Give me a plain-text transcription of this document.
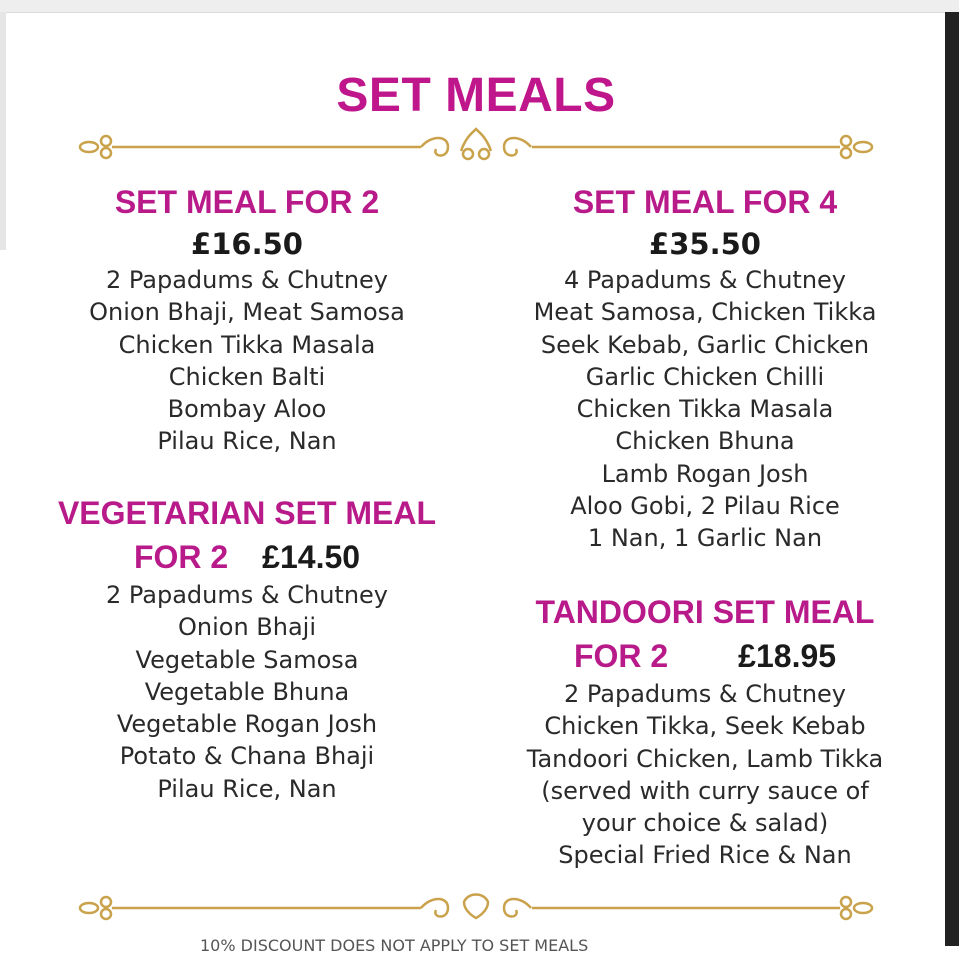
SET MEALS
SET MEAL FOR 2
£16.50
2 Papadums & Chutney
Onion Bhaji, Meat Samosa
Chicken Tikka Masala
Chicken Balti
Bombay Aloo
Pilau Rice, Nan
VEGETARIAN SET MEAL
FOR 2 £14.50
2 Papadums & Chutney
Onion Bhaji
Vegetable Samosa
Vegetable Bhuna
Vegetable Rogan Josh
Potato & Chana Bhaji
Pilau Rice, Nan
SET MEAL FOR 4
£35.50
4 Papadums & Chutney
Meat Samosa, Chicken Tikka
Seek Kebab, Garlic Chicken
Garlic Chicken Chilli
Chicken Tikka Masala
Chicken Bhuna
Lamb Rogan Josh
Aloo Gobi, 2 Pilau Rice
1 Nan, 1 Garlic Nan
TANDOORI SET MEAL
FOR 2 £18.95
2 Papadums & Chutney
Chicken Tikka, Seek Kebab
Tandoori Chicken, Lamb Tikka
(served with curry sauce of your choice & salad)
Special Fried Rice & Nan
10% DISCOUNT DOES NOT APPLY TO SET MEALS
